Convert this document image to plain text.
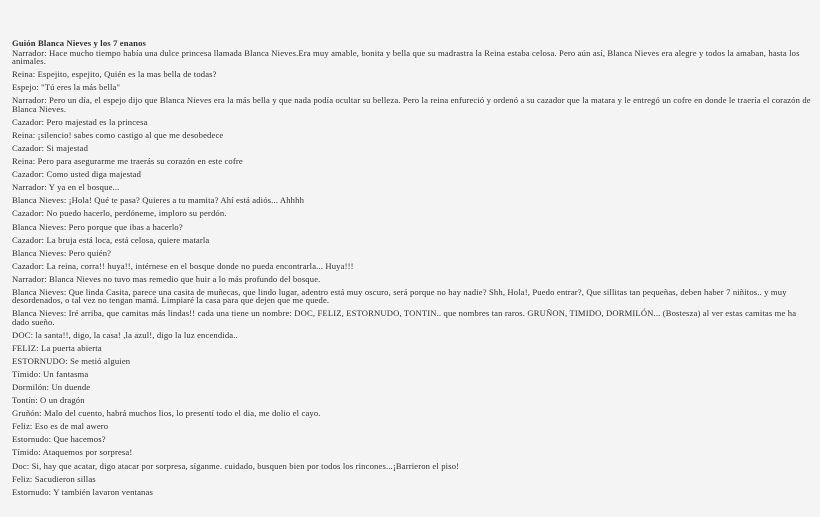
Guión Blanca Nieves y los 7 enanos

Narrador: Hace mucho tiempo había una dulce princesa llamada Blanca Nieves.Era muy amable, bonita y bella que su madrastra la Reina estaba celosa. Pero aún así, Blanca Nieves era alegre y todos la amaban, hasta los animales.

Reina: Espejito, espejito, Quién es la mas bella de todas?

Espejo: "Tú eres la más bella"

Narrador: Pero un día, el espejo dijo que Blanca Nieves era la más bella y que nada podía ocultar su belleza. Pero la reina enfureció y ordenó a su cazador que la matara y le entregó un cofre en donde le traería el corazón de Blanca Nieves.

Cazador: Pero majestad es la princesa

Reina: ¡silencio! sabes como castigo al que me desobedece

Cazador: Si majestad

Reina: Pero para asegurarme me traerás su corazón en este cofre

Cazador: Como usted diga majestad

Narrador: Y ya en el bosque...

Blanca Nieves: ¡Hola! Qué te pasa? Quieres a tu mamita? Ahí está adiós... Ahhhh

Cazador: No puedo hacerlo, perdóneme, imploro su perdón.

Blanca Nieves: Pero porque que ibas a hacerlo?

Cazador: La bruja está loca, está celosa, quiere matarla

Blanca Nieves: Pero quién?

Cazador: La reina, corra!! huya!!, intérnese en el bosque donde no pueda encontrarla... Huya!!!

Narrador: Blanca Nieves no tuvo mas remedio que huir a lo más profundo del bosque.

Blanca Nieves: Que linda Casita, parece una casita de muñecas, que lindo lugar, adentro está muy oscuro, será porque no hay nadie? Shh, Hola!, Puedo entrar?, Que sillitas tan pequeñas, deben haber 7 niñitos.. y muy desordenados, o tal vez no tengan mamá. Limpiaré la casa para que dejen que me quede.

Blanca Nieves: Iré arriba, que camitas más lindas!! cada una tiene un nombre: DOC, FELIZ, ESTORNUDO, TONTIN.. que nombres tan raros. GRUÑON, TIMIDO, DORMILÓN... (Bostesza) al ver estas camitas me ha dado sueño.

DOC: la santa!!, digo, la casa! ,la azul!, digo la luz encendida..

FELIZ: La puerta abierta

ESTORNUDO: Se metió alguien

Tímido: Un fantasma

Dormilón: Un duende

Tontín: O un dragón

Gruñón: Malo del cuento, habrá muchos lios, lo presentí todo el dia, me dolio el cayo.

Feliz: Eso es de mal awero

Estornudo: Que hacemos?

Tímido: Ataquemos por sorpresa!

Doc: Si, hay que acatar, digo atacar por sorpresa, síganme. cuidado, busquen bien por todos los rincones...¡Barrieron el piso!

Feliz: Sacudieron sillas

Estornudo: Y también lavaron ventanas
